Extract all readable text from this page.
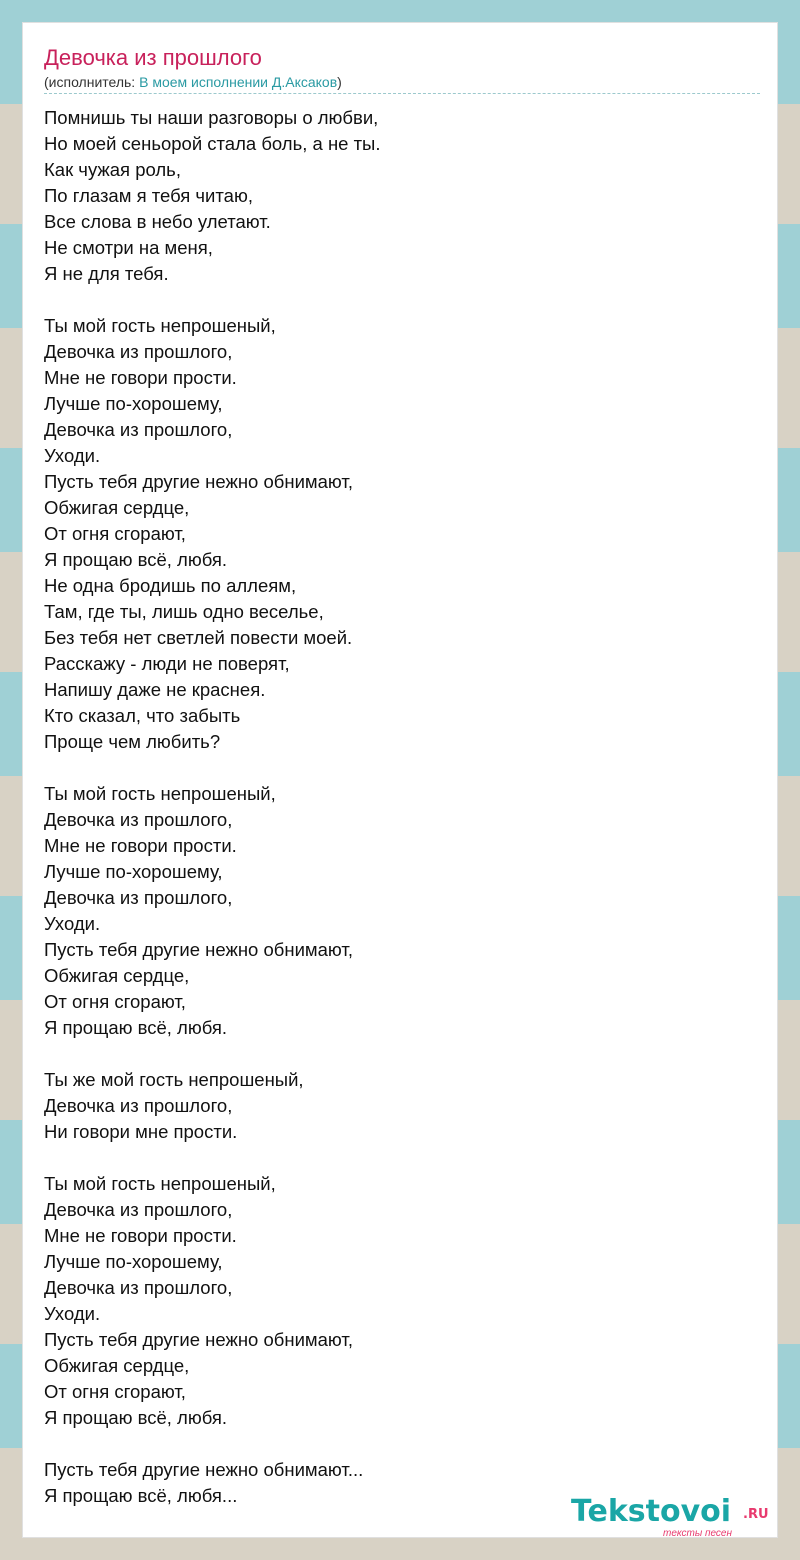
Девочка из прошлого
(исполнитель: В моем исполнении Д.Аксаков)
Помнишь ты наши разговоры о любви,
Но моей сеньорой стала боль, а не ты.
Как чужая роль,
По глазам я тебя читаю,
Все слова в небо улетают.
Не смотри на меня,
Я не для тебя.
Ты мой гость непрошеный,
Девочка из прошлого,
Мне не говори прости.
Лучше по-хорошему,
Девочка из прошлого,
Уходи.
Пусть тебя другие нежно обнимают,
Обжигая сердце,
От огня сгорают,
Я прощаю всё, любя.
Не одна бродишь по аллеям,
Там, где ты, лишь одно веселье,
Без тебя нет светлей повести моей.
Расскажу - люди не поверят,
Напишу даже не краснея.
Кто сказал, что забыть
Проще чем любить?
Ты мой гость непрошеный,
Девочка из прошлого,
Мне не говори прости.
Лучше по-хорошему,
Девочка из прошлого,
Уходи.
Пусть тебя другие нежно обнимают,
Обжигая сердце,
От огня сгорают,
Я прощаю всё, любя.
Ты же мой гость непрошеный,
Девочка из прошлого,
Ни говори мне прости.
Ты мой гость непрошеный,
Девочка из прошлого,
Мне не говори прости.
Лучше по-хорошему,
Девочка из прошлого,
Уходи.
Пусть тебя другие нежно обнимают,
Обжигая сердце,
От огня сгорают,
Я прощаю всё, любя.
Пусть тебя другие нежно обнимают...
Я прощаю всё, любя...	Tekstovoi .RU
тексты песен
